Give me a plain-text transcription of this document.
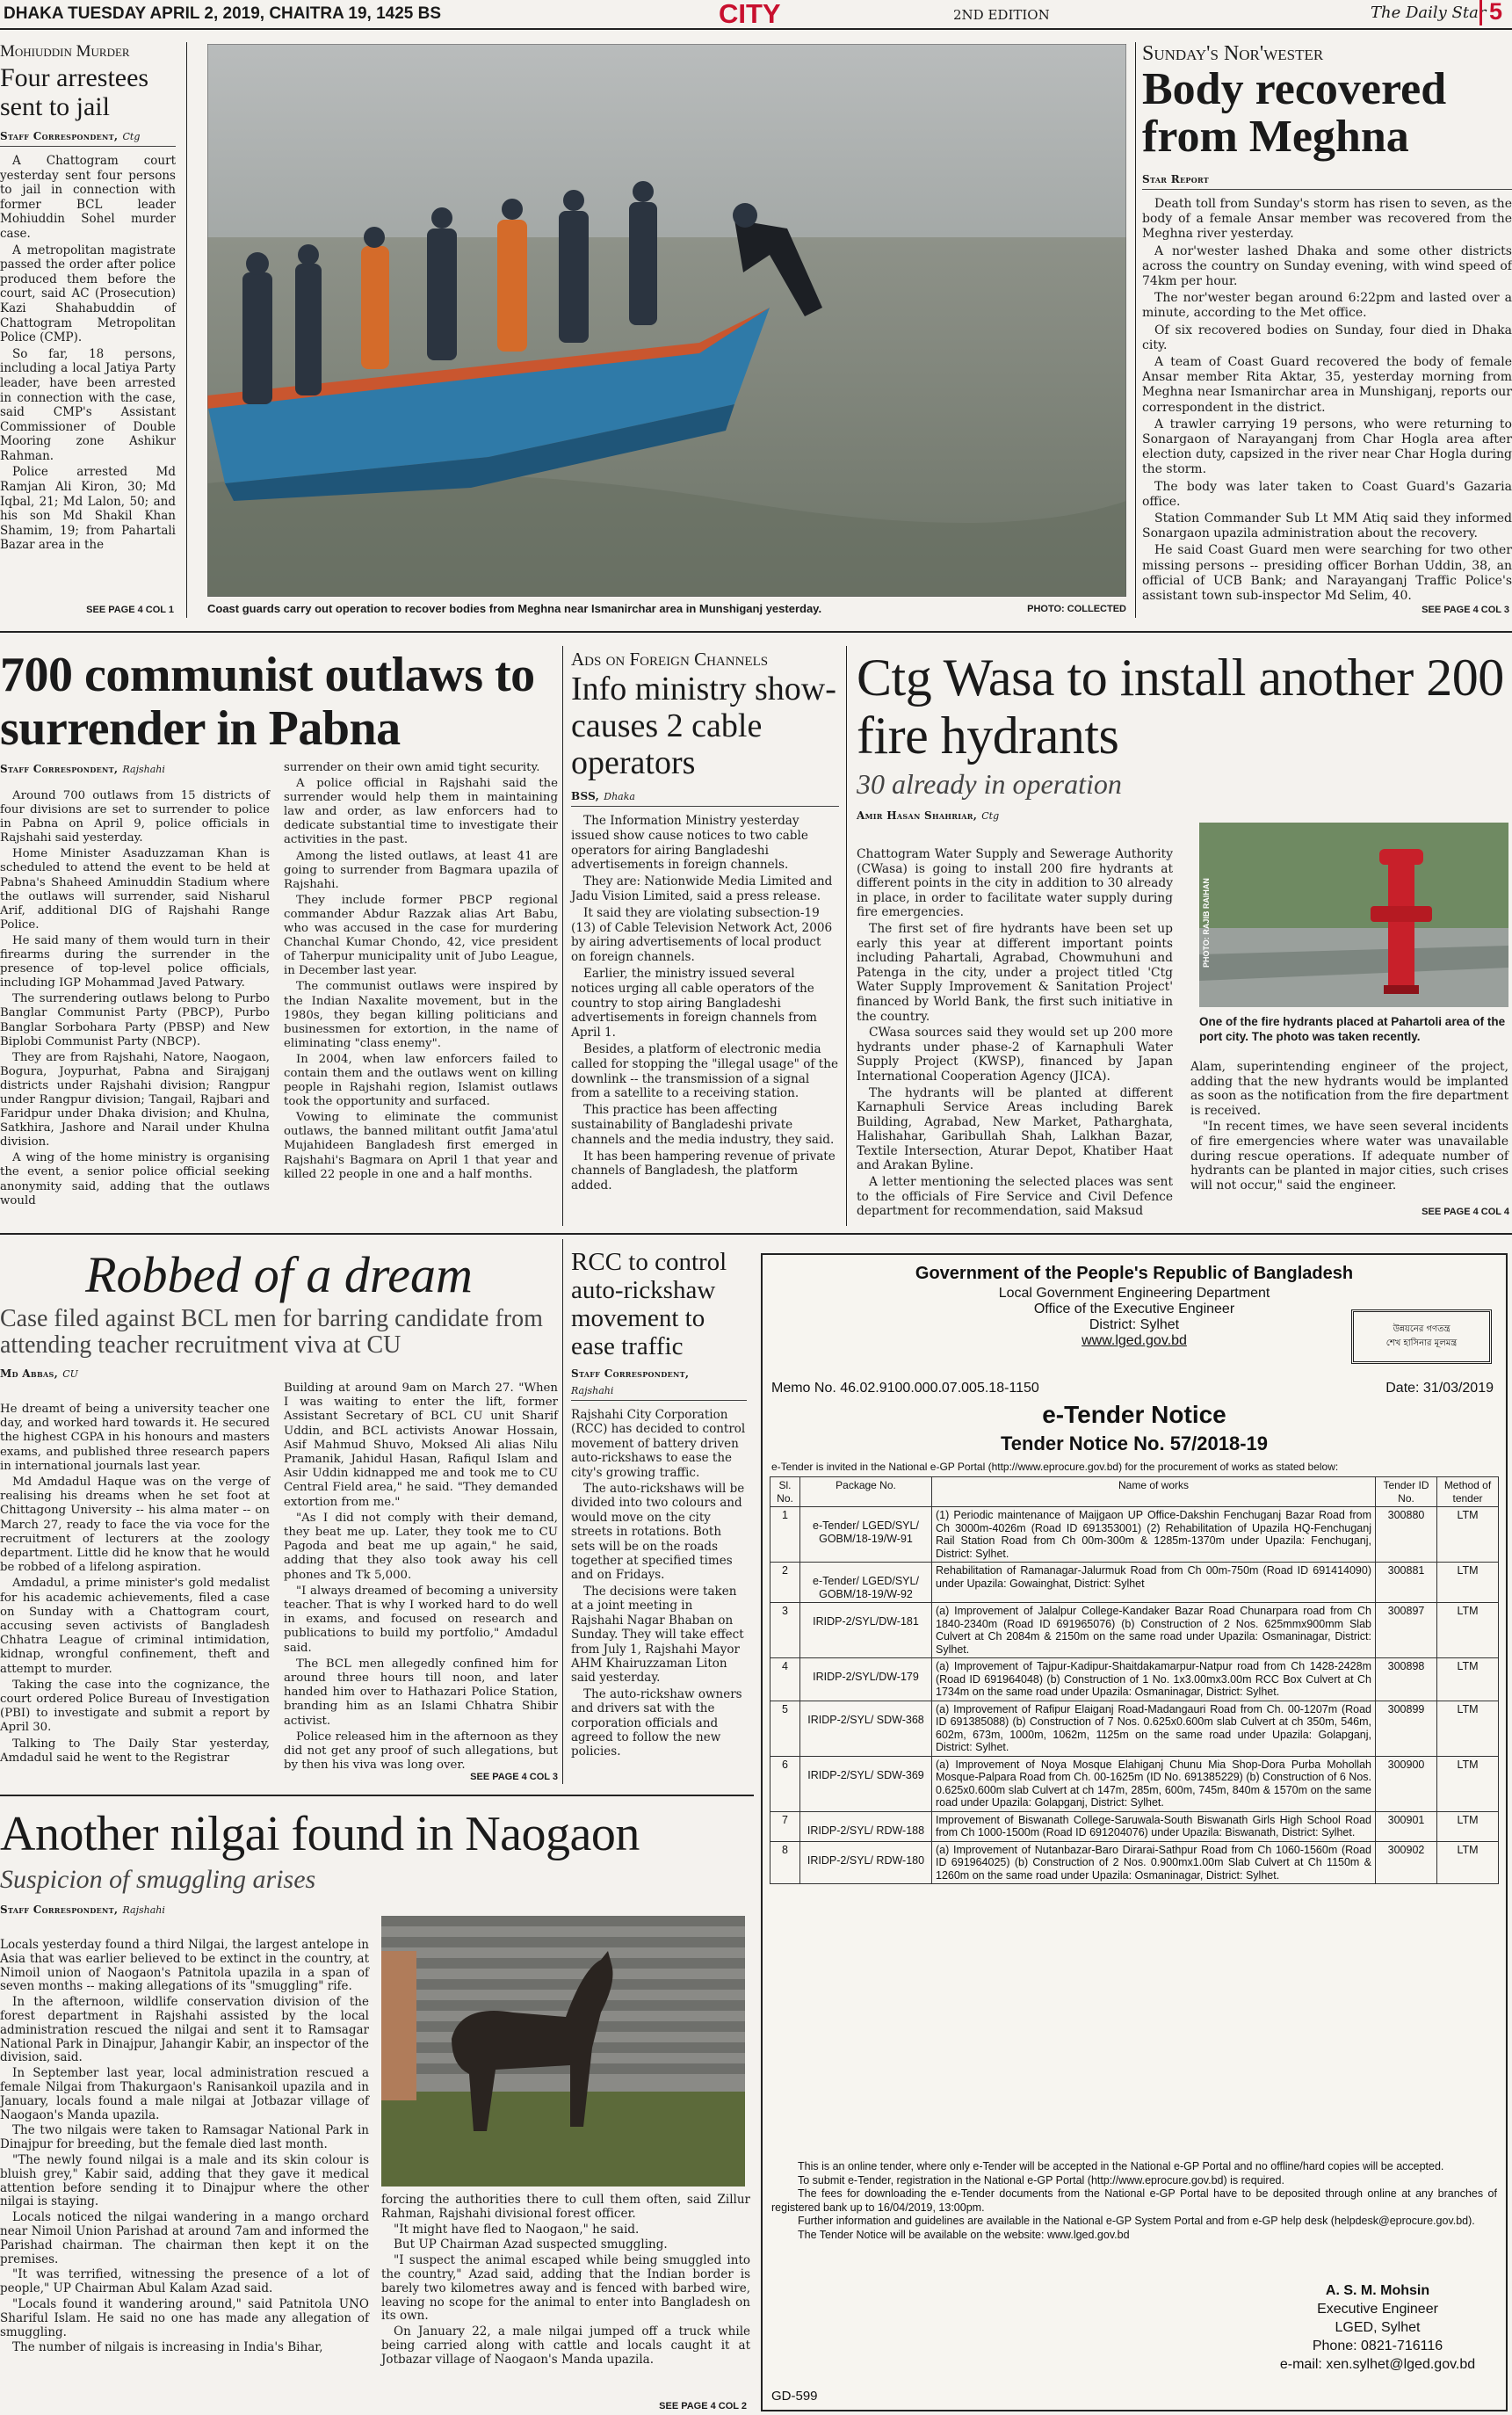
DHAKA TUESDAY APRIL 2, 2019, CHAITRA 19, 1425 BS	CITY	2ND EDITION	The Daily Star 5
Mohiuddin Murder
Four arrestees sent to jail
Staff Correspondent, Ctg

A Chattogram court yesterday sent four persons to jail in connection with former BCL leader Mohiuddin Sohel murder case.

A metropolitan magistrate passed the order after police produced them before the court, said AC (Prosecution) Kazi Shahabuddin of Chattogram Metropolitan Police (CMP).

So far, 18 persons, including a local Jatiya Party leader, have been arrested in connection with the case, said CMP's Assistant Commissioner of Double Mooring zone Ashikur Rahman.

Police arrested Md Ramjan Ali Kiron, 30; Md Iqbal, 21; Md Lalon, 50; and his son Md Shakil Khan Shamim, 19; from Pahartali Bazar area in the

SEE PAGE 4 COL 1	Coast guards carry out operation to recover bodies from Meghna near Ismanirchar area in Munshiganj yesterday.	PHOTO: COLLECTED
Sunday's Nor'wester
Body recovered from Meghna
Star Report

Death toll from Sunday's storm has risen to seven, as the body of a female Ansar member was recovered from the Meghna river yesterday.

A nor'wester lashed Dhaka and some other districts across the country on Sunday evening, with wind speed of 74km per hour.

The nor'wester began around 6:22pm and lasted over a minute, according to the Met office.

Of six recovered bodies on Sunday, four died in Dhaka city.

A team of Coast Guard recovered the body of female Ansar member Rita Aktar, 35, yesterday morning from Meghna near Ismanirchar area in Munshiganj, reports our correspondent in the district.

A trawler carrying 19 persons, who were returning to Sonargaon of Narayanganj from Char Hogla area after election duty, capsized in the river near Char Hogla during the storm.

The body was later taken to Coast Guard's Gazaria office.

Station Commander Sub Lt MM Atiq said they informed Sonargaon upazila administration about the recovery.

He said Coast Guard men were searching for two other missing persons -- presiding officer Borhan Uddin, 38, an official of UCB Bank; and Narayanganj Traffic Police's assistant town sub-inspector Md Selim, 40.

SEE PAGE 4 COL 3
700 communist outlaws to surrender in Pabna
Staff Correspondent, Rajshahi

Around 700 outlaws from 15 districts of four divisions are set to surrender to police in Pabna on April 9, police officials in Rajshahi said yesterday.

Home Minister Asaduzzaman Khan is scheduled to attend the event to be held at Pabna's Shaheed Aminuddin Stadium where the outlaws will surrender, said Nisharul Arif, additional DIG of Rajshahi Range Police.

He said many of them would turn in their firearms during the surrender in the presence of top-level police officials, including IGP Mohammad Javed Patwary.

The surrendering outlaws belong to Purbo Banglar Communist Party (PBCP), Purbo Banglar Sorbohara Party (PBSP) and New Biplobi Communist Party (NBCP).

They are from Rajshahi, Natore, Naogaon, Bogura, Joypurhat, Pabna and Sirajganj districts under Rajshahi division; Rangpur under Rangpur division; Tangail, Rajbari and Faridpur under Dhaka division; and Khulna, Satkhira, Jashore and Narail under Khulna division.

A wing of the home ministry is organising the event, a senior police official seeking anonymity said, adding that the outlaws would

surrender on their own amid tight security.

A police official in Rajshahi said the surrender would help them in maintaining law and order, as law enforcers had to dedicate substantial time to investigate their activities in the past.

Among the listed outlaws, at least 41 are going to surrender from Bagmara upazila of Rajshahi.

They include former PBCP regional commander Abdur Razzak alias Art Babu, who was accused in the case for murdering Chanchal Kumar Chondo, 42, vice president of Taherpur municipality unit of Jubo League, in December last year.

The communist outlaws were inspired by the Indian Naxalite movement, but in the 1980s, they began killing politicians and businessmen for extortion, in the name of eliminating "class enemy".

In 2004, when law enforcers failed to contain them and the outlaws went on killing people in Rajshahi region, Islamist outlaws took the opportunity and surfaced.

Vowing to eliminate the communist outlaws, the banned militant outfit Jama'atul Mujahideen Bangladesh first emerged in Rajshahi's Bagmara on April 1 that year and killed 22 people in one and a half months.

Ads on Foreign Channels
Info ministry show-causes 2 cable operators
BSS, Dhaka

The Information Ministry yesterday issued show cause notices to two cable operators for airing Bangladeshi advertisements in foreign channels.

They are: Nationwide Media Limited and Jadu Vision Limited, said a press release.

It said they are violating subsection-19 (13) of Cable Television Network Act, 2006 by airing advertisements of local product on foreign channels.

Earlier, the ministry issued several notices urging all cable operators of the country to stop airing Bangladeshi advertisements in foreign channels from April 1.

Besides, a platform of electronic media called for stopping the "illegal usage" of the downlink -- the transmission of a signal from a satellite to a receiving station.

This practice has been affecting sustainability of Bangladeshi private channels and the media industry, they said.

It has been hampering revenue of private channels of Bangladesh, the platform added.

Ctg Wasa to install another 200 fire hydrants
30 already in operation
Amir Hasan Shahriar, Ctg

Chattogram Water Supply and Sewerage Authority (CWasa) is going to install 200 fire hydrants at different points in the city in addition to 30 already in place, in order to facilitate water supply during fire emergencies.

The first set of fire hydrants have been set up early this year at different important points including Pahartali, Agrabad, Chowmuhuni and Patenga in the city, under a project titled 'Ctg Water Supply Improvement & Sanitation Project' financed by World Bank, the first such initiative in the country.

CWasa sources said they would set up 200 more hydrants under phase-2 of Karnaphuli Water Supply Project (KWSP), financed by Japan International Cooperation Agency (JICA).

The hydrants will be planted at different Karnaphuli Service Areas including Barek Building, Agrabad, New Market, Patharghata, Halishahar, Garibullah Shah, Lalkhan Bazar, Textile Intersection, Aturar Depot, Khatiber Haat and Arakan Byline.

A letter mentioning the selected places was sent to the officials of Fire Service and Civil Defence department for recommendation, said Maksud

PHOTO: RAJIB RAIHAN
One of the fire hydrants placed at Pahartoli area of the port city. The photo was taken recently.

Alam, superintending engineer of the project, adding that the new hydrants would be implanted as soon as the notification from the fire department is received.

"In recent times, we have seen several incidents of fire emergencies where water was unavailable during rescue operations. If adequate number of hydrants can be planted in major cities, such crises will not occur," said the engineer.

SEE PAGE 4 COL 4
Robbed of a dream
Case filed against BCL men for barring candidate from attending teacher recruitment viva at CU
Md Abbas, CU

He dreamt of being a university teacher one day, and worked hard towards it. He secured the highest CGPA in his honours and masters exams, and published three research papers in international journals last year.

Md Amdadul Haque was on the verge of realising his dreams when he set foot at Chittagong University -- his alma mater -- on March 27, ready to face the via voce for the recruitment of lecturers at the zoology department. Little did he know that he would be robbed of a lifelong aspiration.

Amdadul, a prime minister's gold medalist for his academic achievements, filed a case on Sunday with a Chattogram court, accusing seven activists of Bangladesh Chhatra League of criminal intimidation, kidnap, wrongful confinement, theft and attempt to murder.

Taking the case into the cognizance, the court ordered Police Bureau of Investigation (PBI) to investigate and submit a report by April 30.

Talking to The Daily Star yesterday, Amdadul said he went to the Registrar

Building at around 9am on March 27. "When I was waiting to enter the lift, former Assistant Secretary of BCL CU unit Sharif Uddin, and BCL activists Anowar Hossain, Asif Mahmud Shuvo, Moksed Ali alias Nilu Pramanik, Jahidul Hasan, Rafiqul Islam and Asir Uddin kidnapped me and took me to CU Central Field area," he said. "They demanded extortion from me."

"As I did not comply with their demand, they beat me up. Later, they took me to CU Pagoda and beat me up again," he said, adding that they also took away his cell phones and Tk 5,000.

"I always dreamed of becoming a university teacher. That is why I worked hard to do well in exams, and focused on research and publications to build my portfolio," Amdadul said.

The BCL men allegedly confined him for around three hours till noon, and later handed him over to Hathazari Police Station, branding him as an Islami Chhatra Shibir activist.

Police released him in the afternoon as they did not get any proof of such allegations, but by then his viva was long over.

SEE PAGE 4 COL 3
RCC to control auto-rickshaw movement to ease traffic
Staff Correspondent,
Rajshahi

Rajshahi City Corporation (RCC) has decided to control movement of battery driven auto-rickshaws to ease the city's growing traffic.

The auto-rickshaws will be divided into two colours and would move on the city streets in rotations. Both sets will be on the roads together at specified times and on Fridays.

The decisions were taken at a joint meeting in Rajshahi Nagar Bhaban on Sunday. They will take effect from July 1, Rajshahi Mayor AHM Khairuzzaman Liton said yesterday.

The auto-rickshaw owners and drivers sat with the corporation officials and agreed to follow the new policies.

Another nilgai found in Naogaon
Suspicion of smuggling arises
Staff Correspondent, Rajshahi

Locals yesterday found a third Nilgai, the largest antelope in Asia that was earlier believed to be extinct in the country, at Nimoil union of Naogaon's Patnitola upazila in a span of seven months -- making allegations of its "smuggling" rife.

In the afternoon, wildlife conservation division of the forest department in Rajshahi assisted by the local administration rescued the nilgai and sent it to Ramsagar National Park in Dinajpur, Jahangir Kabir, an inspector of the division, said.

In September last year, local administration rescued a female Nilgai from Thakurgaon's Ranisankoil upazila and in January, locals found a male nilgai at Jotbazar village of Naogaon's Manda upazila.

The two nilgais were taken to Ramsagar National Park in Dinajpur for breeding, but the female died last month.

"The newly found nilgai is a male and its skin colour is bluish grey," Kabir said, adding that they gave it medical attention before sending it to Dinajpur where the other nilgai is staying.

Locals noticed the nilgai wandering in a mango orchard near Nimoil Union Parishad at around 7am and informed the Parishad chairman. The chairman then kept it on the premises.

"It was terrified, witnessing the presence of a lot of people," UP Chairman Abul Kalam Azad said.

"Locals found it wandering around," said Patnitola UNO Shariful Islam. He said no one has made any allegation of smuggling.

The number of nilgais is increasing in India's Bihar,

forcing the authorities there to cull them often, said Zillur Rahman, Rajshahi divisional forest officer.

"It might have fled to Naogaon," he said.

But UP Chairman Azad suspected smuggling.

"I suspect the animal escaped while being smuggled into the country," Azad said, adding that the Indian border is barely two kilometres away and is fenced with barbed wire, leaving no scope for the animal to enter into Bangladesh on its own.

On January 22, a male nilgai jumped off a truck while being carried along with cattle and locals caught it at Jotbazar village of Naogaon's Manda upazila.

SEE PAGE 4 COL 2
Government of the People's Republic of Bangladesh
Local Government Engineering Department
Office of the Executive Engineer
District: Sylhet
www.lged.gov.bd
উন্নয়নের গণতন্ত্র
শেখ হাসিনার মূলমন্ত্র
Memo No. 46.02.9100.000.07.005.18-1150	Date: 31/03/2019
e-Tender Notice
Tender Notice No. 57/2018-19
e-Tender is invited in the National e-GP Portal (http://www.eprocure.gov.bd) for the procurement of works as stated below:
Sl. No.	Package No.	Name of works	Tender ID No.	Method of tender
1	e-Tender/ LGED/SYL/ GOBM/18-19/W-91	(1) Periodic maintenance of Maijgaon UP Office-Dakshin Fenchuganj Bazar Road from Ch 3000m-4026m (Road ID 691353001) (2) Rehabilitation of Upazila HQ-Fenchuganj Rail Station Road from Ch 00m-300m & 1285m-1370m under Upazila: Fenchuganj, District: Sylhet.	300880	LTM
2	e-Tender/ LGED/SYL/ GOBM/18-19/W-92	Rehabilitation of Ramanagar-Jalurmuk Road from Ch 00m-750m (Road ID 691414090) under Upazila: Gowainghat, District: Sylhet	300881	LTM
3	IRIDP-2/SYL/DW-181	(a) Improvement of Jalalpur College-Kandaker Bazar Road Chunarpara road from Ch 1840-2340m (Road ID 691965076) (b) Construction of 2 Nos. 625mmx900mm Slab Culvert at Ch 2084m & 2150m on the same road under Upazila: Osmaninagar, District: Sylhet.	300897	LTM
4	IRIDP-2/SYL/DW-179	(a) Improvement of Tajpur-Kadipur-Shaitdakamarpur-Natpur road from Ch 1428-2428m (Road ID 691964048) (b) Construction of 1 No. 1x3.00mx3.00m RCC Box Culvert at Ch 1734m on the same road under Upazila: Osmaninagar, District: Sylhet.	300898	LTM
5	IRIDP-2/SYL/ SDW-368	(a) Improvement of Rafipur Elaiganj Road-Madangauri Road from Ch. 00-1207m (Road ID 691385088) (b) Construction of 7 Nos. 0.625x0.600m slab Culvert at ch 350m, 546m, 602m, 673m, 1000m, 1062m, 1125m on the same road under Upazila: Golapganj, District: Sylhet.	300899	LTM
6	IRIDP-2/SYL/ SDW-369	(a) Improvement of Noya Mosque Elahiganj Chunu Mia Shop-Dora Purba Mohollah Mosque-Palpara Road from Ch. 00-1625m (ID No. 691385229) (b) Construction of 6 Nos. 0.625x0.600m slab Culvert at ch 147m, 285m, 600m, 745m, 840m & 1570m on the same road under Upazila: Golapganj, District: Sylhet.	300900	LTM
7	IRIDP-2/SYL/ RDW-188	Improvement of Biswanath College-Saruwala-South Biswanath Girls High School Road from Ch 1000-1500m (Road ID 691204076) under Upazila: Biswanath, District: Sylhet.	300901	LTM
8	IRIDP-2/SYL/ RDW-180	(a) Improvement of Nutanbazar-Baro Dirarai-Sathpur Road from Ch 1060-1560m (Road ID 691964025) (b) Construction of 2 Nos. 0.900mx1.00m Slab Culvert at Ch 1150m & 1260m on the same road under Upazila: Osmaninagar, District: Sylhet.	300902	LTM

This is an online tender, where only e-Tender will be accepted in the National e-GP Portal and no offline/hard copies will be accepted.

To submit e-Tender, registration in the National e-GP Portal (http://www.eprocure.gov.bd) is required.

The fees for downloading the e-Tender documents from the National e-GP Portal have to be deposited through online at any branches of registered bank up to 16/04/2019, 13:00pm.

Further information and guidelines are available in the National e-GP System Portal and from e-GP help desk (helpdesk@eprocure.gov.bd).

The Tender Notice will be available on the website: www.lged.gov.bd

A. S. M. Mohsin
Executive Engineer
LGED, Sylhet
Phone: 0821-716116
e-mail: xen.sylhet@lged.gov.bd
GD-599
